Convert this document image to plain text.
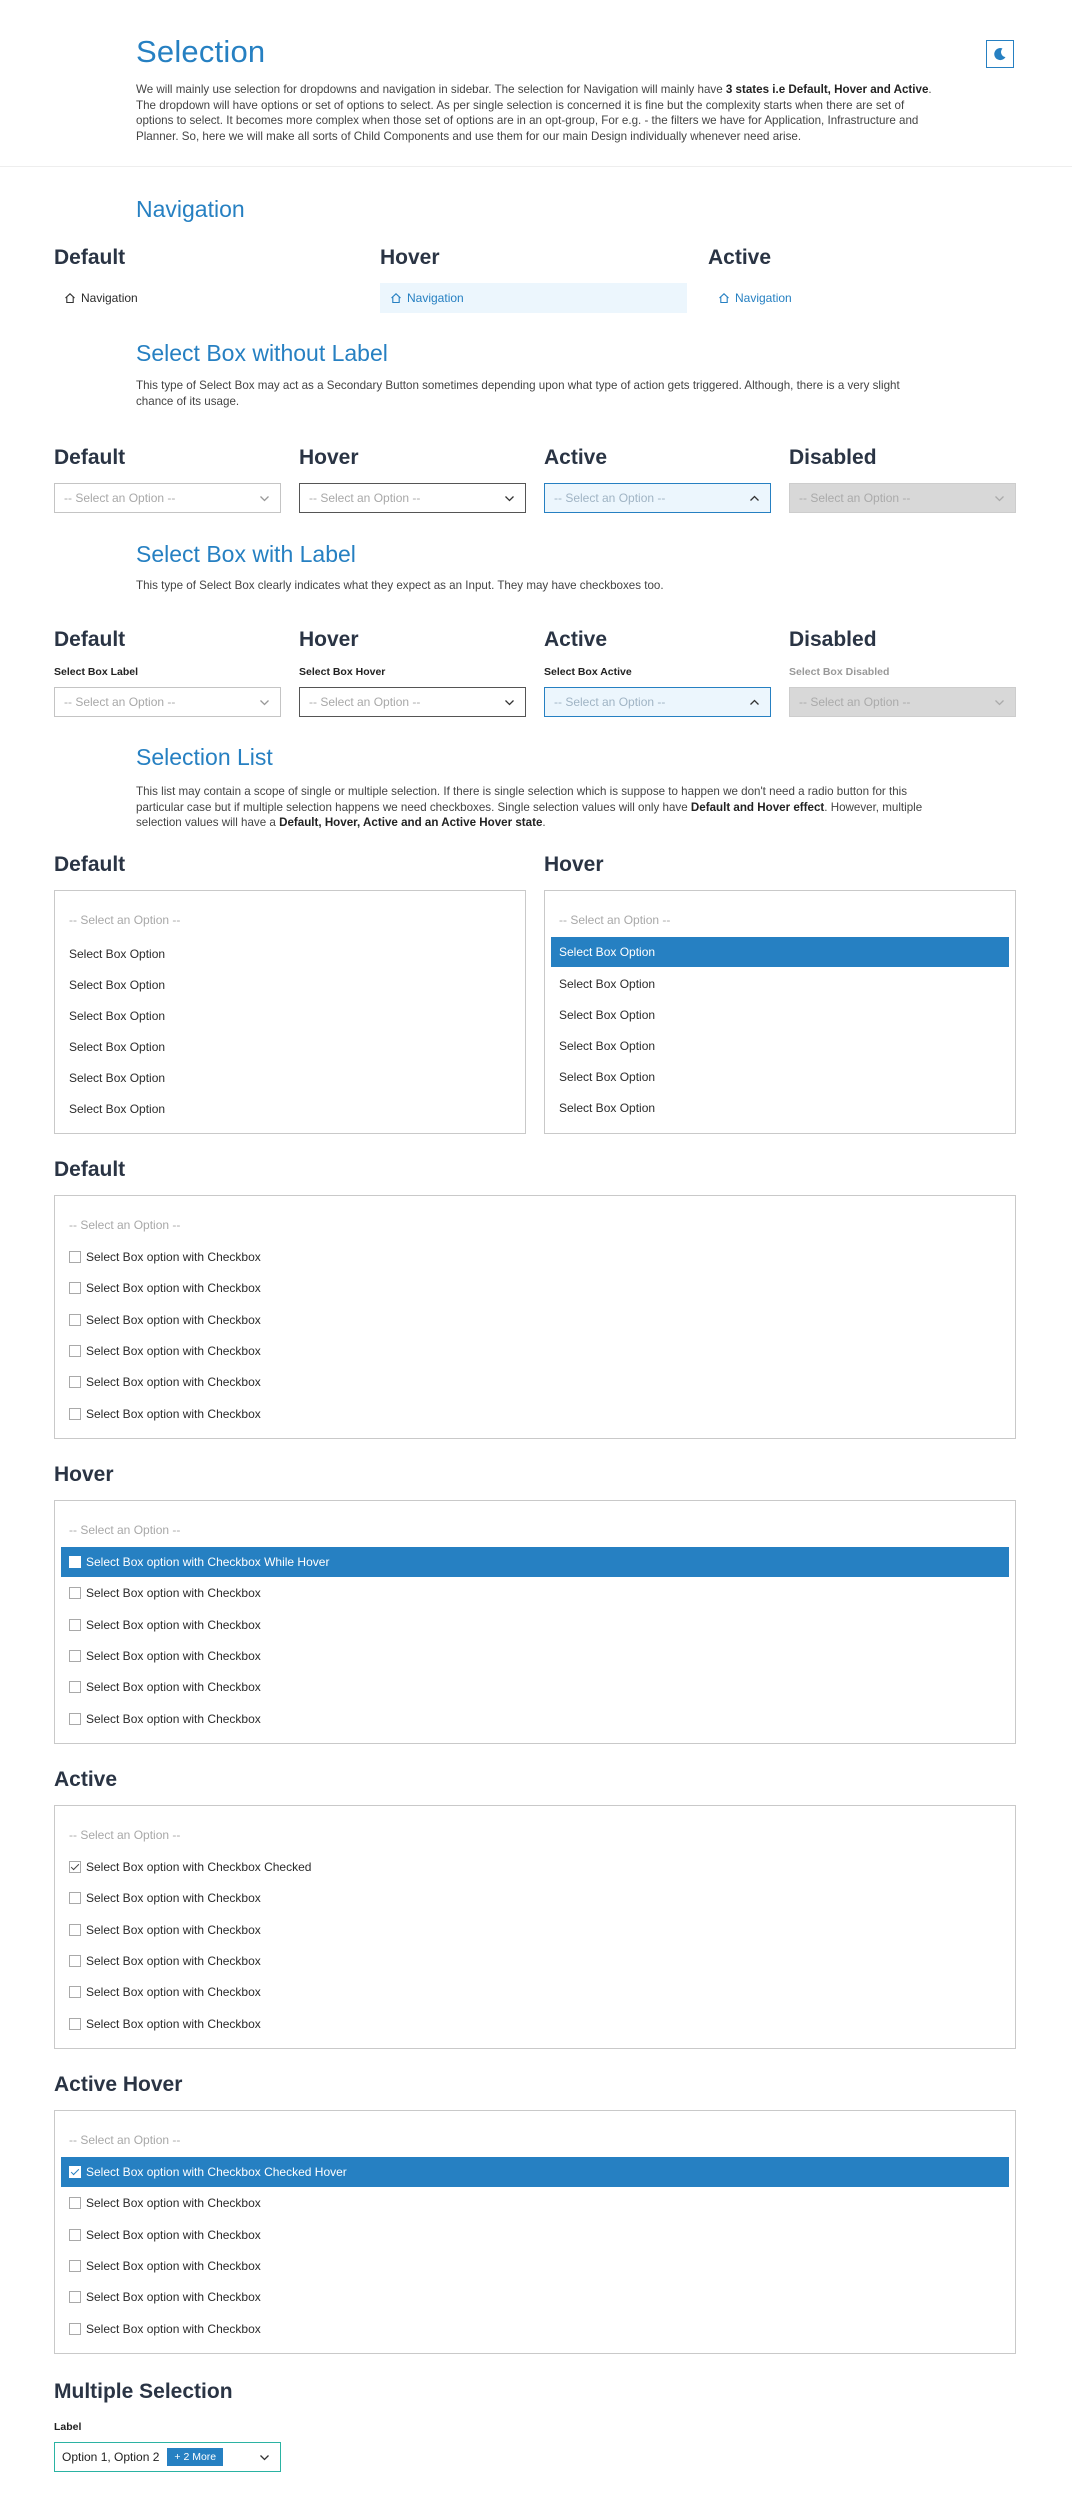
Selection
We will mainly use selection for dropdowns and navigation in sidebar. The selection for Navigation will mainly have 3 states i.e Default, Hover and Active. The dropdown will have options or set of options to select. As per single selection is concerned it is fine but the complexity starts when there are set of options to select. It becomes more complex when those set of options are in an opt-group, For e.g. - the filters we have for Application, Infrastructure and Planner. So, here we will make all sorts of Child Components and use them for our main Design individually whenever need arise.
Navigation
Default	Hover	Active
Navigation	Navigation	Navigation
Select Box without Label
This type of Select Box may act as a Secondary Button sometimes depending upon what type of action gets triggered. Although, there is a very slight chance of its usage.
Default	Hover	Active	Disabled
-- Select an Option --	-- Select an Option --	-- Select an Option --	-- Select an Option --
Select Box with Label
This type of Select Box clearly indicates what they expect as an Input. They may have checkboxes too.
Default	Hover	Active	Disabled
Select Box Label	Select Box Hover	Select Box Active	Select Box Disabled
-- Select an Option --	-- Select an Option --	-- Select an Option --	-- Select an Option --
Selection List
This list may contain a scope of single or multiple selection. If there is single selection which is suppose to happen we don't need a radio button for this particular case but if multiple selection happens we need checkboxes. Single selection values will only have Default and Hover effect. However, multiple selection values will have a Default, Hover, Active and an Active Hover state.
Default	Hover
-- Select an Option --
Select Box Option
Select Box Option
Select Box Option
Select Box Option
Select Box Option
Select Box Option
-- Select an Option --
Select Box Option
Select Box Option
Select Box Option
Select Box Option
Select Box Option
Select Box Option
Default
-- Select an Option --
Select Box option with Checkbox
Select Box option with Checkbox
Select Box option with Checkbox
Select Box option with Checkbox
Select Box option with Checkbox
Select Box option with Checkbox
Hover
-- Select an Option --
Select Box option with Checkbox While Hover
Select Box option with Checkbox
Select Box option with Checkbox
Select Box option with Checkbox
Select Box option with Checkbox
Select Box option with Checkbox
Active
-- Select an Option --
Select Box option with Checkbox Checked
Select Box option with Checkbox
Select Box option with Checkbox
Select Box option with Checkbox
Select Box option with Checkbox
Select Box option with Checkbox
Active Hover
-- Select an Option --
Select Box option with Checkbox Checked Hover
Select Box option with Checkbox
Select Box option with Checkbox
Select Box option with Checkbox
Select Box option with Checkbox
Select Box option with Checkbox
Multiple Selection
Label
Option 1, Option 2	+ 2 More
